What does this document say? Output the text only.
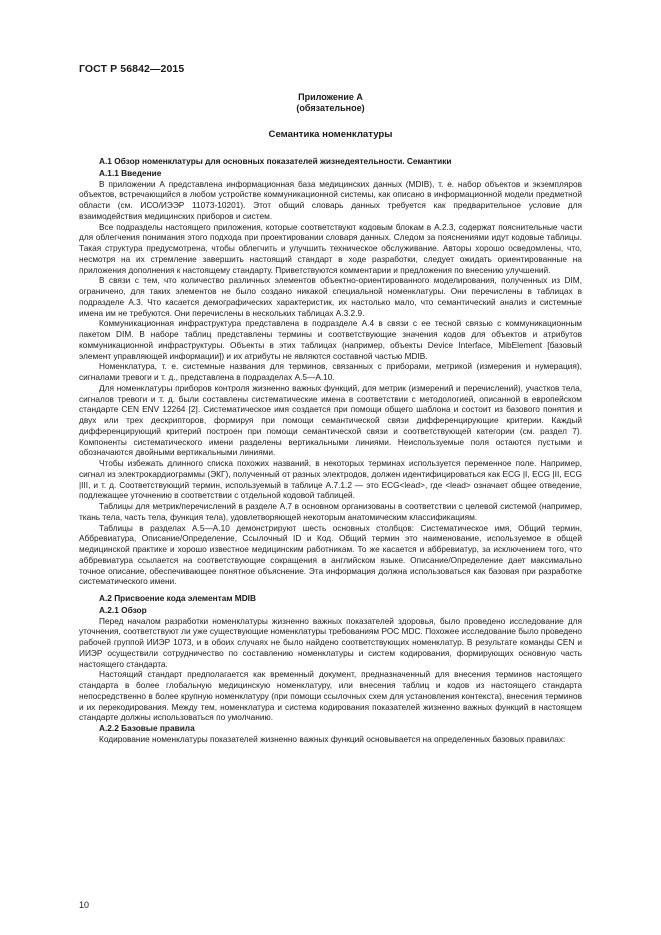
ГОСТ Р 56842—2015
Приложение А
(обязательное)
Семантика номенклатуры

А.1 Обзор номенклатуры для основных показателей жизнедеятельности. Семантики

А.1.1 Введение

В приложении А представлена информационная база медицинских данных (MDIB), т. е. набор объектов и экземпляров объектов, встречающийся в любом устройстве коммуникационной системы, как описано в информационной модели предметной области (см. ИСО/ИЭЭР 11073-10201). Этот общий словарь данных требуется как предварительное условие для взаимодействия медицинских приборов и систем.

Все подразделы настоящего приложения, которые соответствуют кодовым блокам в А.2.3, содержат пояснительные части для облегчения понимания этого подхода при проектировании словаря данных. Следом за пояснениями идут кодовые таблицы. Такая структура предусмотрена, чтобы облегчить и улучшить техническое обслуживание. Авторы хорошо осведомлены, что, несмотря на их стремление завершить настоящий стандарт в ходе разработки, следует ожидать ориентированные на приложения дополнения к настоящему стандарту. Приветствуются комментарии и предложения по внесению улучшений.

В связи с тем, что количество различных элементов объектно-ориентированного моделирования, полученных из DIM, ограничено, для таких элементов не было создано никакой специальной номенклатуры. Они перечислены в таблицах в подразделе А.3. Что касается демографических характеристик, их настолько мало, что семантический анализ и системные имена им не требуются. Они перечислены в нескольких таблицах А.3.2.9.

Коммуникационная инфраструктура представлена в подразделе А.4 в связи с ее тесной связью с коммуникационным пакетом DIM. В наборе таблиц представлены термины и соответствующие значения кодов для объектов и атрибутов коммуникационной инфраструктуры. Объекты в этих таблицах (например, объекты Device Interface, MibElement [базовый элемент управляющей информации]) и их атрибуты не являются составной частью MDIB.

Номенклатура, т. е. системные названия для терминов, связанных с приборами, метрикой (измерения и нумерация), сигналами тревоги и т. д., представлена в подразделах А.5—А.10.

Для номенклатуры приборов контроля жизненно важных функций, для метрик (измерений и перечислений), участков тела, сигналов тревоги и т. д. были составлены систематические имена в соответствии с методологией, описанной в европейском стандарте CEN ENV 12264 [2]. Систематическое имя создается при помощи общего шаблона и состоит из базового понятия и двух или трех дескрипторов, формируя при помощи семантической связи дифференцирующие критерии. Каждый дифференцирующий критерий построен при помощи семантической связи и соответствующей категории (см. раздел 7). Компоненты систематического имени разделены вертикальными линиями. Неиспользуемые поля остаются пустыми и обозначаются двойными вертикальными линиями.

Чтобы избежать длинного списка похожих названий, в некоторых терминах используется переменное поле. Например, сигнал из электрокардиограммы (ЭКГ), полученный от разных электродов, должен идентифицироваться как ECG |I, ECG |II, ECG |III, и т. д. Соответствующий термин, используемый в таблице А.7.1.2 — это ECG<lead>, где <lead> означает общее отведение, подлежащее уточнению в соответствии с отдельной кодовой таблицей.

Таблицы для метрик/перечислений в разделе А.7 в основном организованы в соответствии с целевой системой (например, ткань тела, часть тела, функция тела), удовлетворяющей некоторым анатомическим классификациям.

Таблицы в разделах А.5—А.10 демонстрируют шесть основных столбцов: Систематическое имя, Общий термин, Аббревиатура, Описание/Определение, Ссылочный ID и Код. Общий термин это наименование, используемое в общей медицинской практике и хорошо известное медицинским работникам. То же касается и аббревиатур, за исключением того, что аббревиатура ссылается на соответствующие сокращения в английском языке. Описание/Определение дает максимально точное описание, обеспечивающее понятное объяснение. Эта информация должна использоваться как базовая при разработке систематического имени.

А.2 Присвоение кода элементам MDIB

А.2.1 Обзор

Перед началом разработки номенклатуры жизненно важных показателей здоровья, было проведено исследование для уточнения, соответствуют ли уже существующие номенклатуры требованиям РОС MDC. Похожее исследование было проведено рабочей группой ИИЭР 1073, и в обоих случаях не было найдено соответствующих номенклатур. В результате команды CEN и ИИЭР осуществили сотрудничество по составлению номенклатуры и систем кодирования, формирующих основную часть настоящего стандарта.

Настоящий стандарт предполагается как временный документ, предназначенный для внесения терминов настоящего стандарта в более глобальную медицинскую номенклатуру, или внесения таблиц и кодов из настоящего стандарта непосредственно в более крупную номенклатуру (при помощи ссылочных схем для установления контекста), внесения терминов и их перекодирования. Между тем, номенклатура и система кодирования показателей жизненно важных функций в настоящем стандарте должны использоваться по умолчанию.

А.2.2 Базовые правила

Кодирование номенклатуры показателей жизненно важных функций основывается на определенных базовых правилах:

10
